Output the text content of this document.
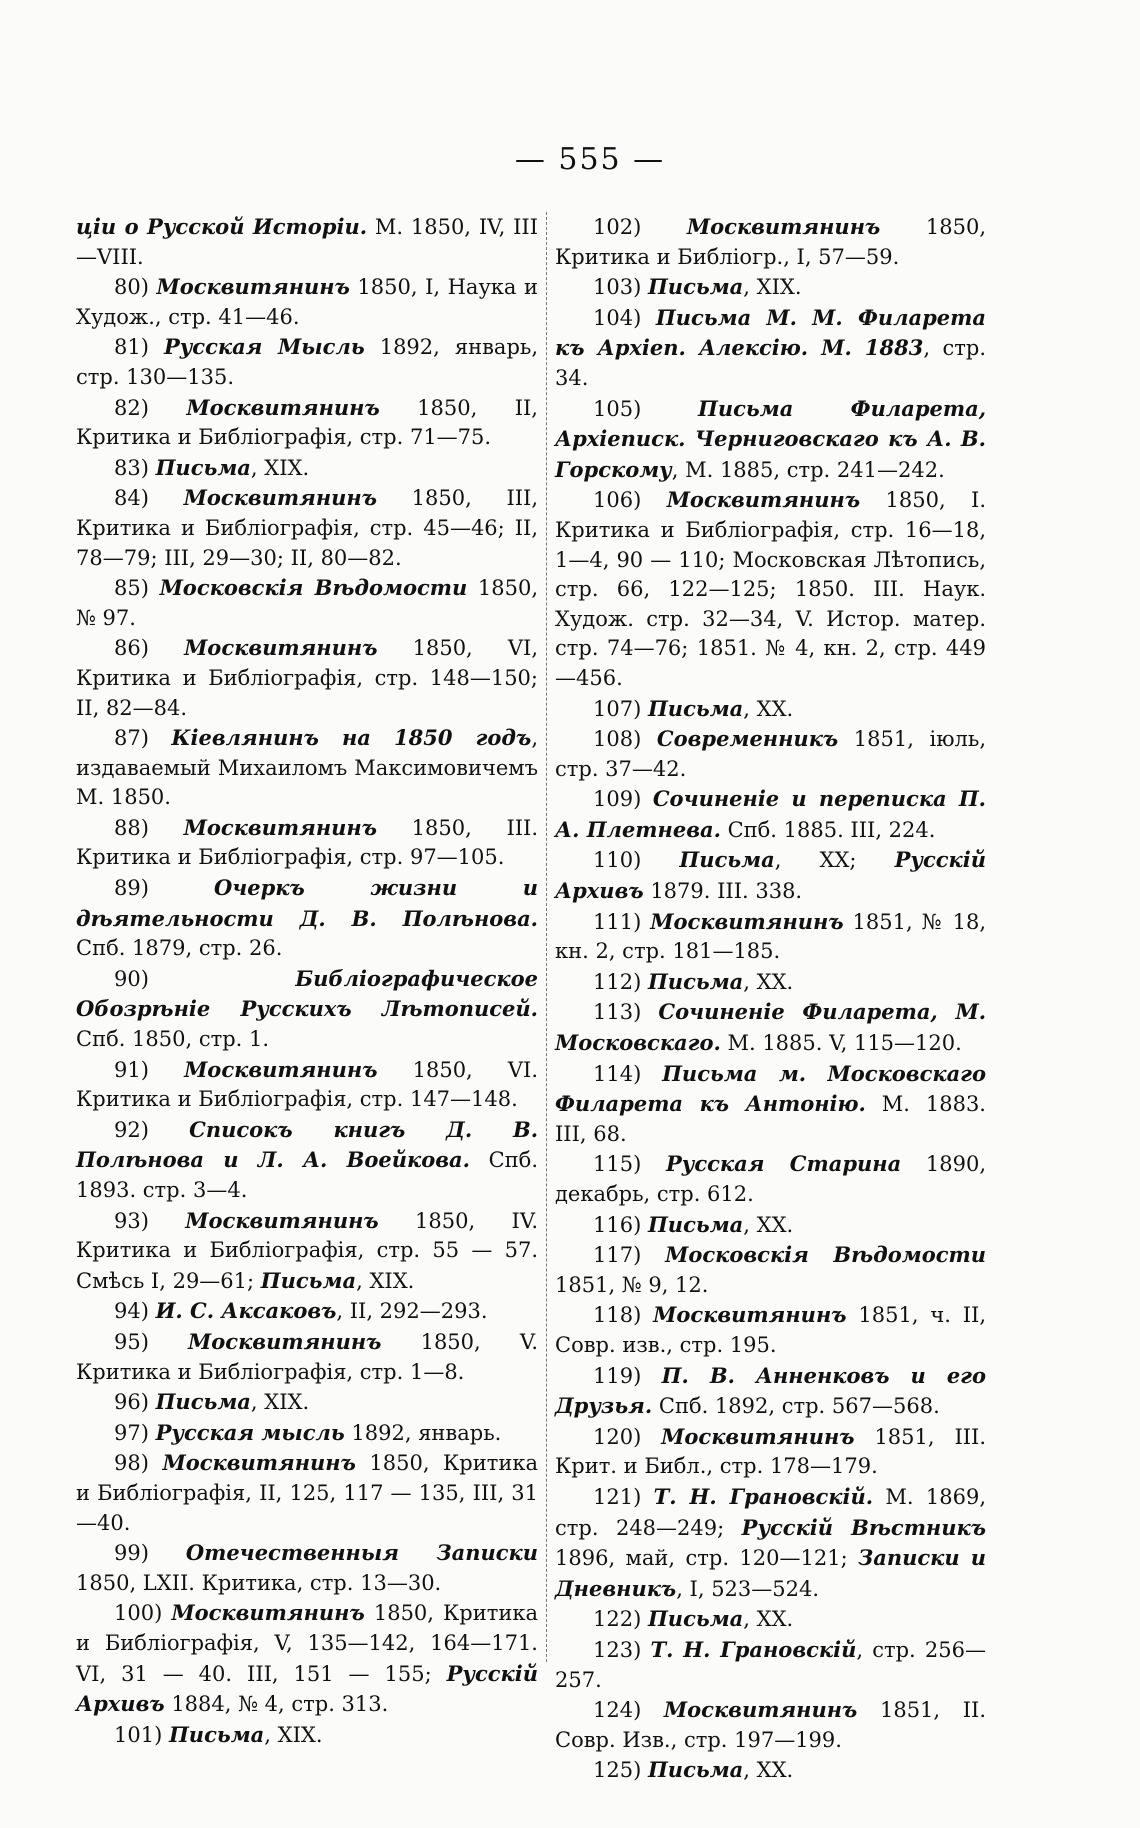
— 555 —

ціи о Русской Исторіи. М. 1850, IV, III—VIII.

80) Москвитянинъ 1850, I, Наука и Худож., стр. 41—46.

81) Русская Мысль 1892, январь, стр. 130—135.

82) Москвитянинъ 1850, II, Критика и Библіографія, стр. 71—75.

83) Письма, XIX.

84) Москвитянинъ 1850, III, Критика и Библіографія, стр. 45—46; II, 78—79; III, 29—30; II, 80—82.

85) Московскія Вѣдомости 1850, № 97.

86) Москвитянинъ 1850, VI, Критика и Библіографія, стр. 148—150; II, 82—84.

87) Кіевлянинъ на 1850 годъ, издаваемый Михаиломъ Максимовичемъ М. 1850.

88) Москвитянинъ 1850, III. Критика и Библіографія, стр. 97—105.

89) Очеркъ жизни и дѣятельности Д. В. Полѣнова. Спб. 1879, стр. 26.

90) Библіографическое Обозрѣніе Русскихъ Лѣтописей. Спб. 1850, стр. 1.

91) Москвитянинъ 1850, VI. Критика и Библіографія, стр. 147—148.

92) Списокъ книгъ Д. В. Полѣнова и Л. А. Воейкова. Спб. 1893. стр. 3—4.

93) Москвитянинъ 1850, IV. Критика и Библіографія, стр. 55 — 57. Смѣсь I, 29—61; Письма, XIX.

94) И. С. Аксаковъ, II, 292—293.

95) Москвитянинъ 1850, V. Критика и Библіографія, стр. 1—8.

96) Письма, XIX.

97) Русская мысль 1892, январь.

98) Москвитянинъ 1850, Критика и Библіографія, II, 125, 117 — 135, III, 31—40.

99) Отечественныя Записки 1850, LXII. Критика, стр. 13—30.

100) Москвитянинъ 1850, Критика и Библіографія, V, 135—142, 164—171. VI, 31 — 40. III, 151 — 155; Русскій Архивъ 1884, № 4, стр. 313.

101) Письма, XIX.

102) Москвитянинъ 1850, Критика и Библіогр., I, 57—59.

103) Письма, XIX.

104) Письма М. М. Филарета къ Архіеп. Алексію. М. 1883, стр. 34.

105) Письма Филарета, Архіеписк. Черниговскаго къ А. В. Горскому, М. 1885, стр. 241—242.

106) Москвитянинъ 1850, I. Критика и Библіографія, стр. 16—18, 1—4, 90 — 110; Московская Лѣтопись, стр. 66, 122—125; 1850. III. Наук. Худож. стр. 32—34, V. Истор. матер. стр. 74—76; 1851. № 4, кн. 2, стр. 449—456.

107) Письма, XX.

108) Современникъ 1851, іюль, стр. 37—42.

109) Сочиненіе и переписка П. А. Плетнева. Спб. 1885. III, 224.

110) Письма, XX; Русскій Архивъ 1879. III. 338.

111) Москвитянинъ 1851, № 18, кн. 2, стр. 181—185.

112) Письма, XX.

113) Сочиненіе Филарета, М. Московскаго. М. 1885. V, 115—120.

114) Письма м. Московскаго Филарета къ Антонію. М. 1883. III, 68.

115) Русская Старина 1890, декабрь, стр. 612.

116) Письма, XX.

117) Московскія Вѣдомости 1851, № 9, 12.

118) Москвитянинъ 1851, ч. II, Совр. изв., стр. 195.

119) П. В. Анненковъ и его Друзья. Спб. 1892, стр. 567—568.

120) Москвитянинъ 1851, III. Крит. и Библ., стр. 178—179.

121) Т. Н. Грановскій. М. 1869, стр. 248—249; Русскій Вѣстникъ 1896, май, стр. 120—121; Записки и Дневникъ, I, 523—524.

122) Письма, XX.

123) Т. Н. Грановскій, стр. 256—257.

124) Москвитянинъ 1851, II. Совр. Изв., стр. 197—199.

125) Письма, XX.
